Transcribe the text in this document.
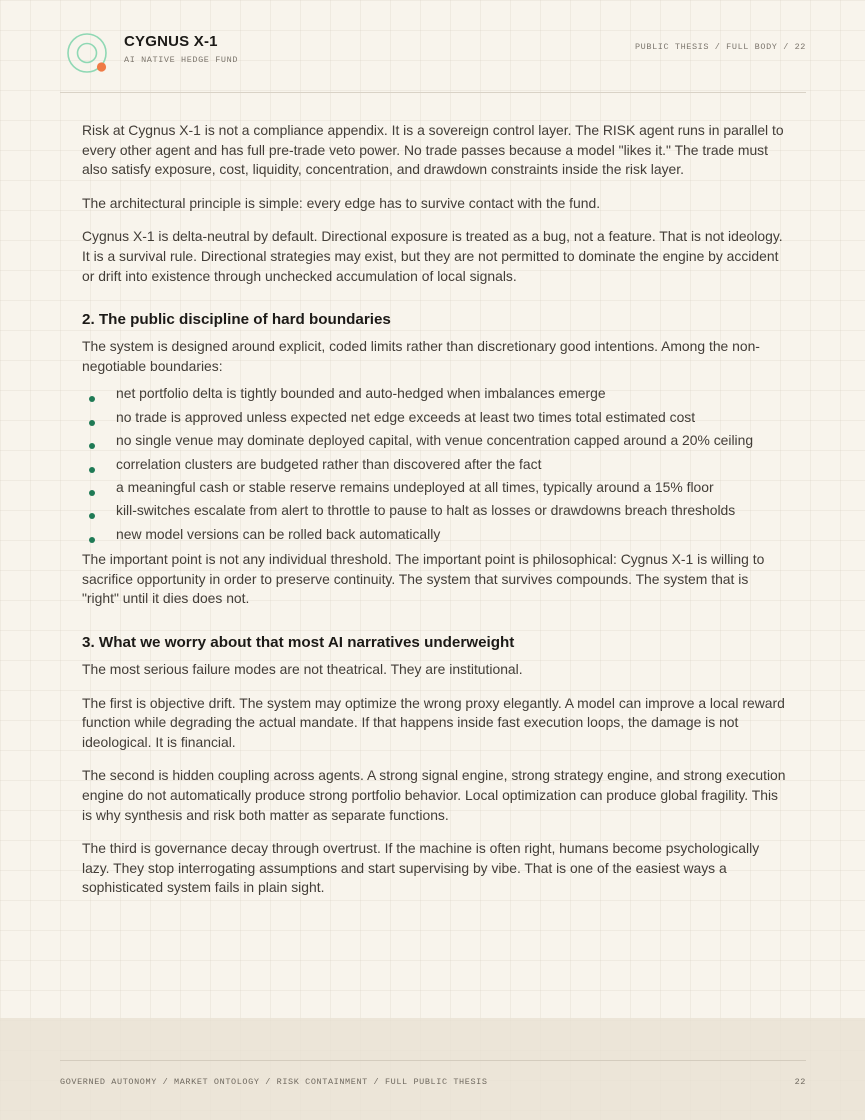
CYGNUS X-1
AI NATIVE HEDGE FUND
PUBLIC THESIS / FULL BODY / 22

Risk at Cygnus X-1 is not a compliance appendix. It is a sovereign control layer. The RISK agent runs in parallel to every other agent and has full pre-trade veto power. No trade passes because a model "likes it." The trade must also satisfy exposure, cost, liquidity, concentration, and drawdown constraints inside the risk layer.

The architectural principle is simple: every edge has to survive contact with the fund.

Cygnus X-1 is delta-neutral by default. Directional exposure is treated as a bug, not a feature. That is not ideology. It is a survival rule. Directional strategies may exist, but they are not permitted to dominate the engine by accident or drift into existence through unchecked accumulation of local signals.

2. The public discipline of hard boundaries

The system is designed around explicit, coded limits rather than discretionary good intentions. Among the non-negotiable boundaries:

net portfolio delta is tightly bounded and auto-hedged when imbalances emerge
no trade is approved unless expected net edge exceeds at least two times total estimated cost
no single venue may dominate deployed capital, with venue concentration capped around a 20% ceiling
correlation clusters are budgeted rather than discovered after the fact
a meaningful cash or stable reserve remains undeployed at all times, typically around a 15% floor
kill-switches escalate from alert to throttle to pause to halt as losses or drawdowns breach thresholds
new model versions can be rolled back automatically

The important point is not any individual threshold. The important point is philosophical: Cygnus X-1 is willing to sacrifice opportunity in order to preserve continuity. The system that survives compounds. The system that is "right" until it dies does not.

3. What we worry about that most AI narratives underweight

The most serious failure modes are not theatrical. They are institutional.

The first is objective drift. The system may optimize the wrong proxy elegantly. A model can improve a local reward function while degrading the actual mandate. If that happens inside fast execution loops, the damage is not ideological. It is financial.

The second is hidden coupling across agents. A strong signal engine, strong strategy engine, and strong execution engine do not automatically produce strong portfolio behavior. Local optimization can produce global fragility. This is why synthesis and risk both matter as separate functions.

The third is governance decay through overtrust. If the machine is often right, humans become psychologically lazy. They stop interrogating assumptions and start supervising by vibe. That is one of the easiest ways a sophisticated system fails in plain sight.

GOVERNED AUTONOMY / MARKET ONTOLOGY / RISK CONTAINMENT / FULL PUBLIC THESIS	22
